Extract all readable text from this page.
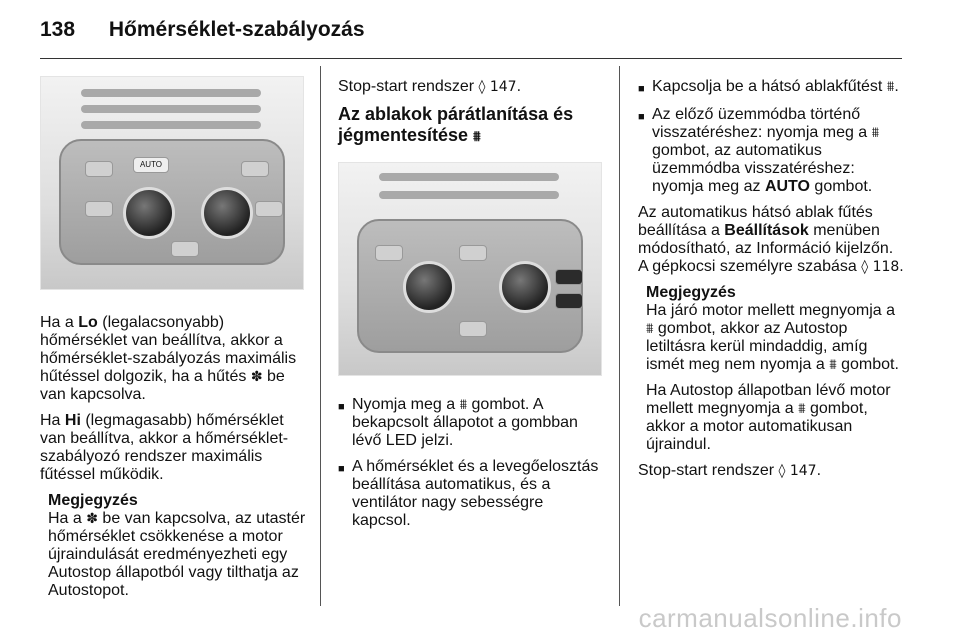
138 Hőmérséklet-szabályozás
AUTO

Ha a Lo (legalacsonyabb) hőmérséklet van beállítva, akkor a hőmérséklet-szabályozás maximális hűtéssel dolgozik, ha a hűtés ✽ be van kapcsolva.

Ha Hi (legmagasabb) hőmérséklet van beállítva, akkor a hőmérséklet-szabályozó rendszer maximális fűtéssel működik.

Megjegyzés
Ha a ✽ be van kapcsolva, az utastér hőmérséklet csökkenése a motor újraindulását eredményezheti egy Autostop állapotból vagy tilthatja az Autostopot.

Stop-start rendszer ◊ 147.

Az ablakok párátlanítása és jégmentesítése ⩩
■ Nyomja meg a ⩩ gombot. A bekapcsolt állapotot a gombban lévő LED jelzi.
■ A hőmérséklet és a levegőelosztás beállítása automatikus, és a ventilátor nagy sebességre kapcsol.
■ Kapcsolja be a hátsó ablakfűtést ⩩.
■ Az előző üzemmódba történő visszatéréshez: nyomja meg a ⩩ gombot, az automatikus üzemmódba visszatéréshez: nyomja meg az AUTO gombot.

Az automatikus hátsó ablak fűtés beállítása a Beállítások menüben módosítható, az Információ kijelzőn. A gépkocsi személyre szabása ◊ 118.

Megjegyzés
Ha járó motor mellett megnyomja a ⩩ gombot, akkor az Autostop letiltásra kerül mindaddig, amíg ismét meg nem nyomja a ⩩ gombot.

Ha Autostop állapotban lévő motor mellett megnyomja a ⩩ gombot, akkor a motor automatikusan újraindul.

Stop-start rendszer ◊ 147.

carmanualsonline.info
